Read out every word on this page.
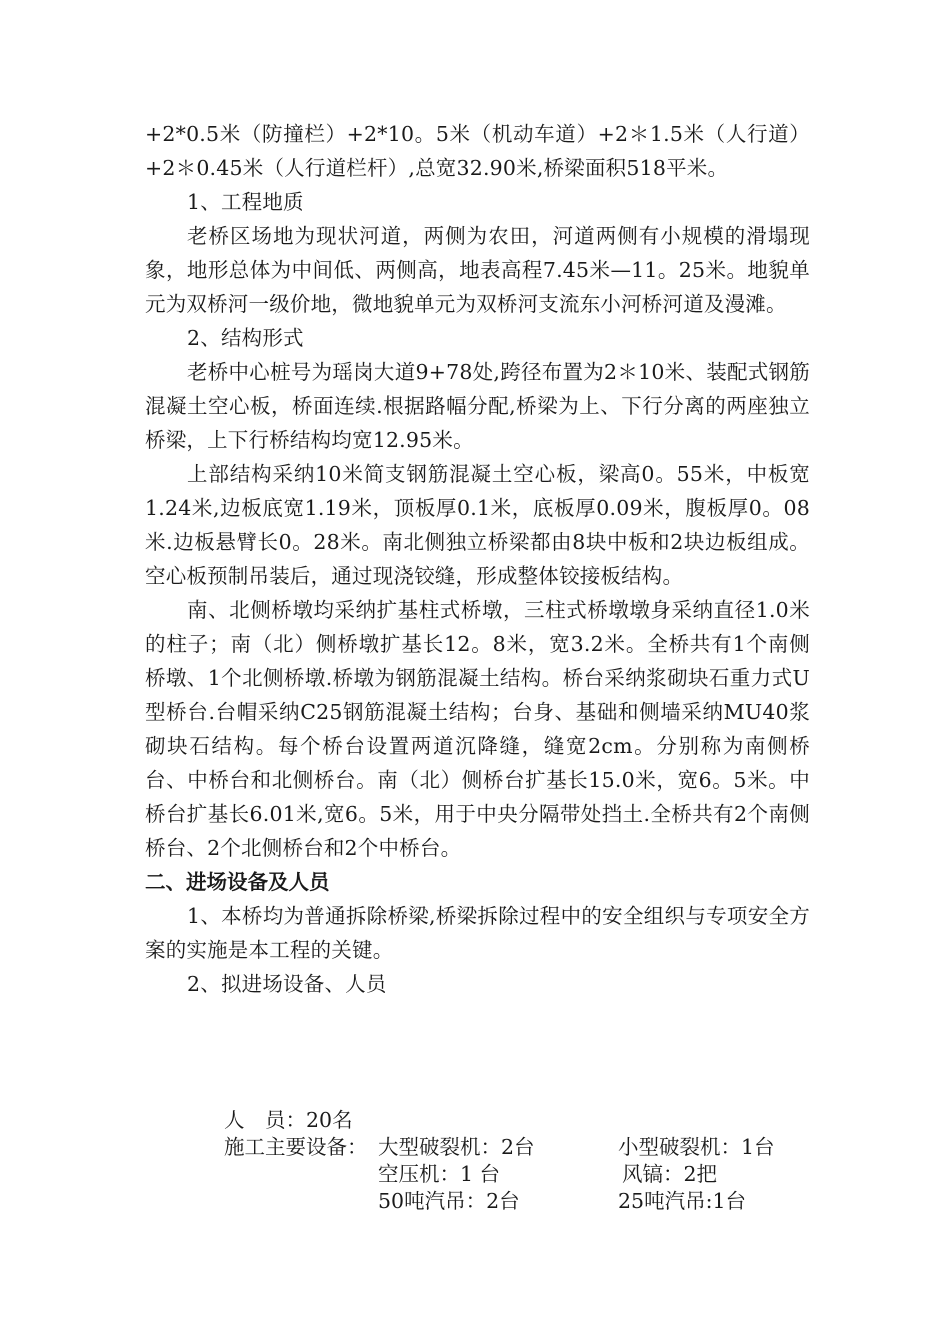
+2*0.5米（防撞栏）+2*10。5米（机动车道）+2＊1.5米（人行道）+2＊0.45米（人行道栏杆）,总宽32.90米,桥梁面积518平米。

1、工程地质

老桥区场地为现状河道，两侧为农田，河道两侧有小规模的滑塌现象，地形总体为中间低、两侧高，地表高程7.45米—11。25米。地貌单元为双桥河一级价地，微地貌单元为双桥河支流东小河桥河道及漫滩。

2、结构形式

老桥中心桩号为瑶岗大道9+78处,跨径布置为2＊10米、装配式钢筋混凝土空心板，桥面连续.根据路幅分配,桥梁为上、下行分离的两座独立桥梁，上下行桥结构均宽12.95米。

上部结构采纳10米简支钢筋混凝土空心板，梁高0。55米，中板宽1.24米,边板底宽1.19米，顶板厚0.1米，底板厚0.09米，腹板厚0。08米.边板悬臂长0。28米。南北侧独立桥梁都由8块中板和2块边板组成。空心板预制吊装后，通过现浇铰缝，形成整体铰接板结构。

南、北侧桥墩均采纳扩基柱式桥墩，三柱式桥墩墩身采纳直径1.0米的柱子；南（北）侧桥墩扩基长12。8米，宽3.2米。全桥共有1个南侧桥墩、1个北侧桥墩.桥墩为钢筋混凝土结构。桥台采纳浆砌块石重力式U型桥台.台帽采纳C25钢筋混凝土结构；台身、基础和侧墙采纳MU40浆砌块石结构。每个桥台设置两道沉降缝，缝宽2cm。分别称为南侧桥台、中桥台和北侧桥台。南（北）侧桥台扩基长15.0米，宽6。5米。中桥台扩基长6.01米,宽6。5米，用于中央分隔带处挡土.全桥共有2个南侧桥台、2个北侧桥台和2个中桥台。

二、进场设备及人员

1、本桥均为普通拆除桥梁,桥梁拆除过程中的安全组织与专项安全方案的实施是本工程的关键。

2、拟进场设备、人员

人　员：20名
施工主要设备： 大型破裂机：2台	小型破裂机：1台
空压机：1 台	风镐：2把
50吨汽吊：2台	25吨汽吊:1台
